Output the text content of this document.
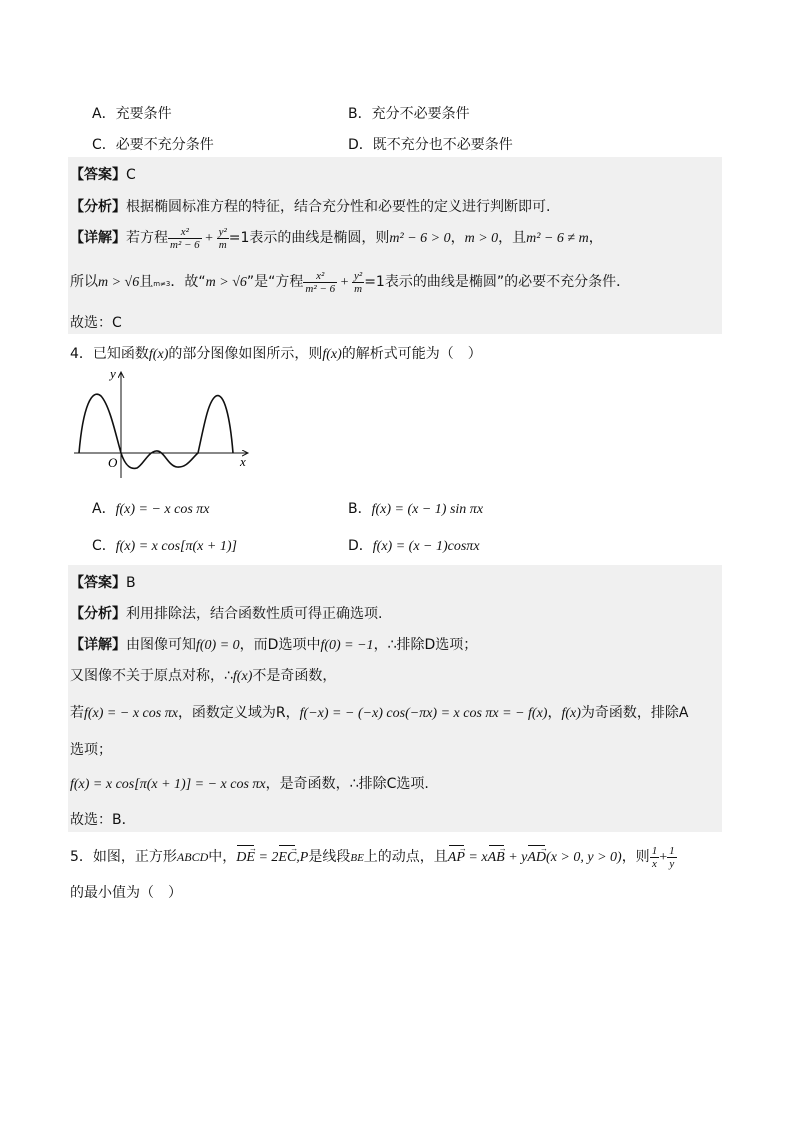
A．充要条件	B．充分不必要条件
C．必要不充分条件	D．既不充分也不必要条件
【答案】C
【分析】根据椭圆标准方程的特征，结合充分性和必要性的定义进行判断即可.
【详解】若方程 $\frac{\text{x²}}{\text{m² − 6}} + \frac{\text{y²}}{m} =1$表示的曲线是椭圆，则m² − 6 > 0，m > 0，且m² − 6 ≠ m，
所以m > √6且m≠3．故“m > √6”是“方程 $\frac{\text{x²}}{\text{m² − 6}} + \frac{\text{y²}}{m} =1$表示的曲线是椭圆”的必要不充分条件．
故选：C
4．已知函数f(x)的部分图像如图所示，则f(x)的解析式可能为（　）
y
x
O
A．f(x) = − x cos πx	B．f(x) = (x − 1) sin πx
C．f(x) = x cos[π(x + 1)]	D．f(x) = (x − 1)cosπx
【答案】B
【分析】利用排除法，结合函数性质可得正确选项.
【详解】由图像可知f(0) = 0，而D选项中f(0) = −1，∴排除D选项；
又图像不关于原点对称，∴f(x)不是奇函数，
若f(x) = − x cos πx，函数定义域为R，f(−x) = − (−x) cos(−πx) = x cos πx = − f(x)，f(x)为奇函数，排除A
选项；
f(x) = x cos[π(x + 1)] = − x cos πx，是奇函数，∴排除C选项.
故选：B．
5．如图，正方形ABCD中，DE → = 2EC →,P是线段BE上的动点，且AP → = xAB → + yAD →(x > 0, y > 0)，则 $\frac{1}{x} + \frac{1}{y}$
的最小值为（　）
